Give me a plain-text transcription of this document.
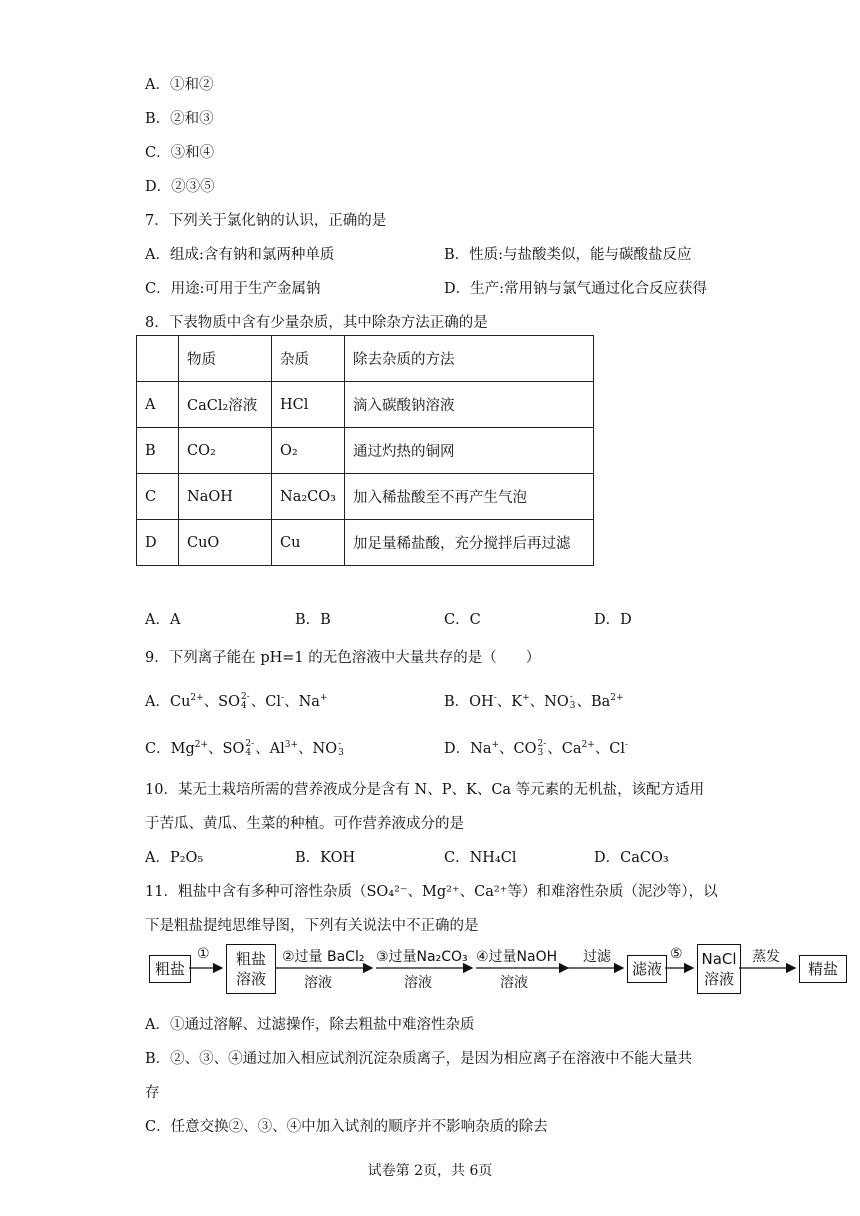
A．①和②
B．②和③
C．③和④
D．②③⑤
7．下列关于氯化钠的认识，正确的是
A．组成:含有钠和氯两种单质	B．性质:与盐酸类似，能与碳酸盐反应
C．用途:可用于生产金属钠	D．生产:常用钠与氯气通过化合反应获得
8．下表物质中含有少量杂质，其中除杂方法正确的是
	物质	杂质	除去杂质的方法
A	CaCl₂溶液	HCl	滴入碳酸钠溶液
B	CO₂	O₂	通过灼热的铜网
C	NaOH	Na₂CO₃	加入稀盐酸至不再产生气泡
D	CuO	Cu	加足量稀盐酸，充分搅拌后再过滤
A．A	B．B	C．C	D．D
9．下列离子能在 pH=1 的无色溶液中大量共存的是（　　）
A．$Cu^{2+}$、SO 2-
4 、Cl-、Na+	B．OH-、K+、NO -
3 、$Ba^{2+}$
C．$Mg^{2+}$、SO 2-
4 、$Al^{3+}$、NO -
3	D．Na+、CO 2-
3 、$Ca^{2+}$、Cl-
10．某无土栽培所需的营养液成分是含有 N、P、K、Ca 等元素的无机盐，该配方适用
于苦瓜、黄瓜、生菜的种植。可作营养液成分的是
A．P₂O₅	B．KOH	C．NH₄Cl	D．CaCO₃
11．粗盐中含有多种可溶性杂质（SO₄²⁻、Mg²⁺、Ca²⁺等）和难溶性杂质（泥沙等），以
下是粗盐提纯思维导图，下列有关说法中不正确的是
粗盐
① 粗盐
溶液
②过量 BaCl₂
溶液
③过量Na₂CO₃
溶液
④过量NaOH
溶液
过滤
滤液
⑤ NaCl
溶液
蒸发
精盐
A．①通过溶解、过滤操作，除去粗盐中难溶性杂质
B．②、③、④通过加入相应试剂沉淀杂质离子，是因为相应离子在溶液中不能大量共
存
C．任意交换②、③、④中加入试剂的顺序并不影响杂质的除去
试卷第 2页，共 6页
